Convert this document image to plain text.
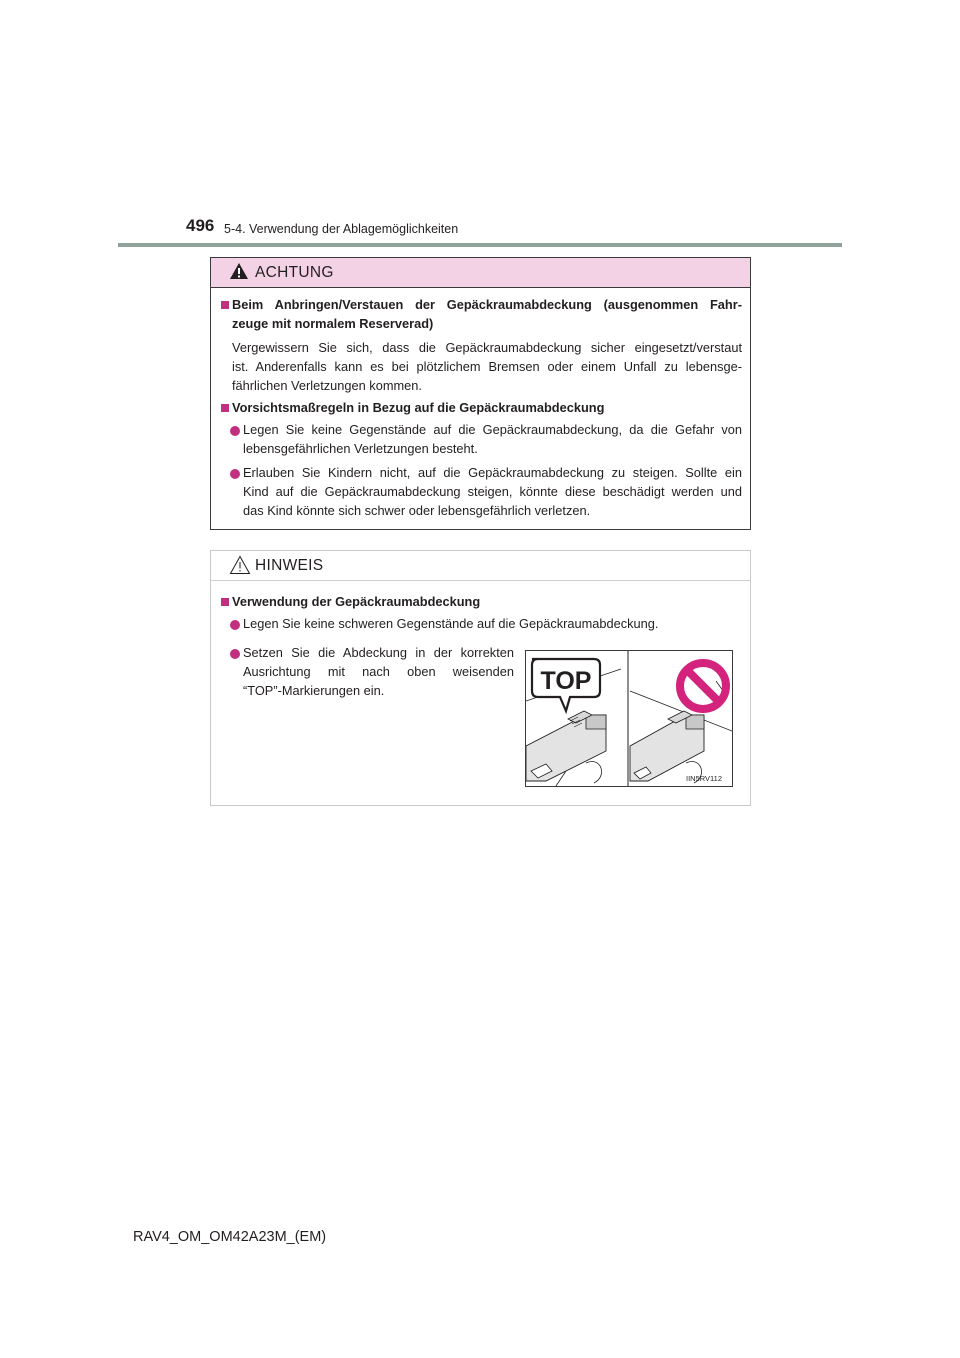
496 5-4. Verwendung der Ablagemöglichkeiten
ACHTUNG
Beim Anbringen/Verstauen der Gepäckraumabdeckung (ausgenommen Fahr-
zeuge mit normalem Reserverad)
Vergewissern Sie sich, dass die Gepäckraumabdeckung sicher eingesetzt/verstaut
ist. Anderenfalls kann es bei plötzlichem Bremsen oder einem Unfall zu lebensge-
fährlichen Verletzungen kommen.
Vorsichtsmaßregeln in Bezug auf die Gepäckraumabdeckung
Legen Sie keine Gegenstände auf die Gepäckraumabdeckung, da die Gefahr von
lebensgefährlichen Verletzungen besteht.
Erlauben Sie Kindern nicht, auf die Gepäckraumabdeckung zu steigen. Sollte ein
Kind auf die Gepäckraumabdeckung steigen, könnte diese beschädigt werden und
das Kind könnte sich schwer oder lebensgefährlich verletzen.
HINWEIS
Verwendung der Gepäckraumabdeckung
Legen Sie keine schweren Gegenstände auf die Gepäckraumabdeckung.
Setzen Sie die Abdeckung in der korrekten
Ausrichtung mit nach oben weisenden
“TOP”-Markierungen ein.	TOP
IIN5RV112
RAV4_OM_OM42A23M_(EM)
